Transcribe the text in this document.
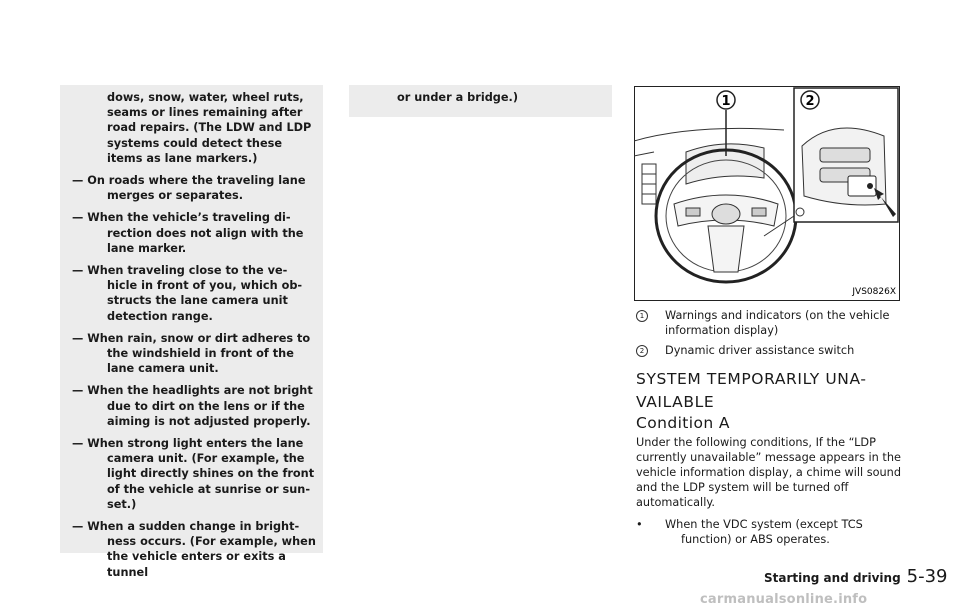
dows, snow, water, wheel ruts, seams or lines remaining after road repairs. (The LDW and LDP systems could detect these items as lane markers.)

— On roads where the traveling lane merges or separates.

— When the vehicle’s traveling di-rection does not align with the lane marker.

— When traveling close to the ve-hicle in front of you, which ob-structs the lane camera unit detection range.

— When rain, snow or dirt adheres to the windshield in front of the lane camera unit.

— When the headlights are not bright due to dirt on the lens or if the aiming is not adjusted properly.

— When strong light enters the lane camera unit. (For example, the light directly shines on the front of the vehicle at sunrise or sun-set.)

— When a sudden change in bright-ness occurs. (For example, when the vehicle enters or exits a tunnel

or under a bridge.)	1	2
JVS0826X
1	Warnings and indicators (on the vehicle information display)
2	Dynamic driver assistance switch
SYSTEM TEMPORARILY UNA-VAILABLE
Condition A

Under the following conditions, If the “LDP currently unavailable” message appears in the vehicle information display, a chime will sound and the LDP system will be turned off automatically.

• When the VDC system (except TCS
function) or ABS operates.
Starting and driving 5-39
carmanualsonline.info
